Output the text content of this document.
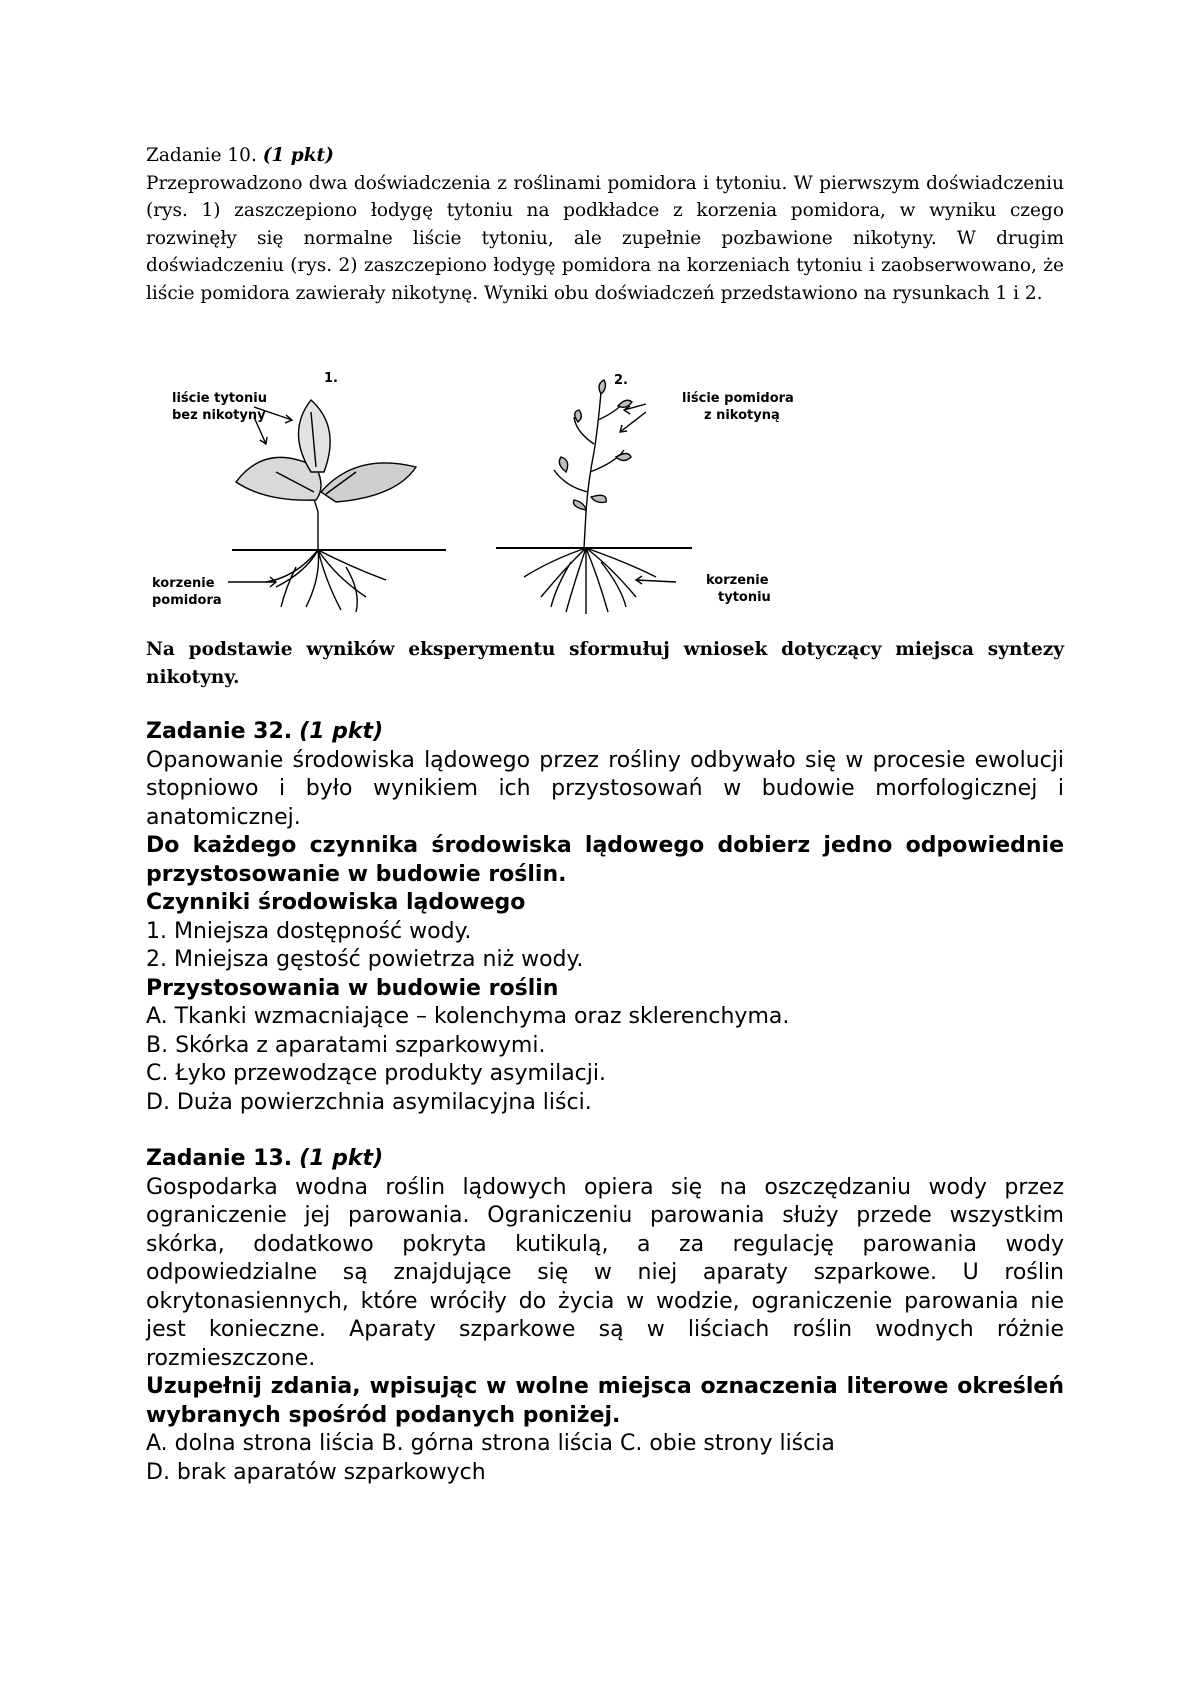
Zadanie 10. (1 pkt)

Przeprowadzono dwa doświadczenia z roślinami pomidora i tytoniu. W pierwszym doświadczeniu (rys. 1) zaszczepiono łodygę tytoniu na podkładce z korzenia pomidora, w wyniku czego rozwinęły się normalne liście tytoniu, ale zupełnie pozbawione nikotyny. W drugim doświadczeniu (rys. 2) zaszczepiono łodygę pomidora na korzeniach tytoniu i zaobserwowano, że liście pomidora zawierały nikotynę. Wyniki obu doświadczeń przedstawiono na rysunkach 1 i 2.

1.
liście tytoniu
bez nikotyny
korzenie
pomidora
2.
liście pomidora
z nikotyną
korzenie
tytoniu
Na podstawie wyników eksperymentu sformułuj wniosek dotyczący miejsca syntezy nikotyny.

Zadanie 32. (1 pkt)

Opanowanie środowiska lądowego przez rośliny odbywało się w procesie ewolucji stopniowo i było wynikiem ich przystosowań w budowie morfologicznej i anatomicznej.

Do każdego czynnika środowiska lądowego dobierz jedno odpowiednie przystosowanie w budowie roślin.

Czynniki środowiska lądowego

1. Mniejsza dostępność wody.

2. Mniejsza gęstość powietrza niż wody.

Przystosowania w budowie roślin

A. Tkanki wzmacniające – kolenchyma oraz sklerenchyma.

B. Skórka z aparatami szparkowymi.

C. Łyko przewodzące produkty asymilacji.

D. Duża powierzchnia asymilacyjna liści.

Zadanie 13. (1 pkt)

Gospodarka wodna roślin lądowych opiera się na oszczędzaniu wody przez ograniczenie jej parowania. Ograniczeniu parowania służy przede wszystkim skórka, dodatkowo pokryta kutikulą, a za regulację parowania wody odpowiedzialne są znajdujące się w niej aparaty szparkowe. U roślin okrytonasiennych, które wróciły do życia w wodzie, ograniczenie parowania nie jest konieczne. Aparaty szparkowe są w liściach roślin wodnych różnie rozmieszczone.

Uzupełnij zdania, wpisując w wolne miejsca oznaczenia literowe określeń wybranych spośród podanych poniżej.

A. dolna strona liścia B. górna strona liścia C. obie strony liścia

D. brak aparatów szparkowych
